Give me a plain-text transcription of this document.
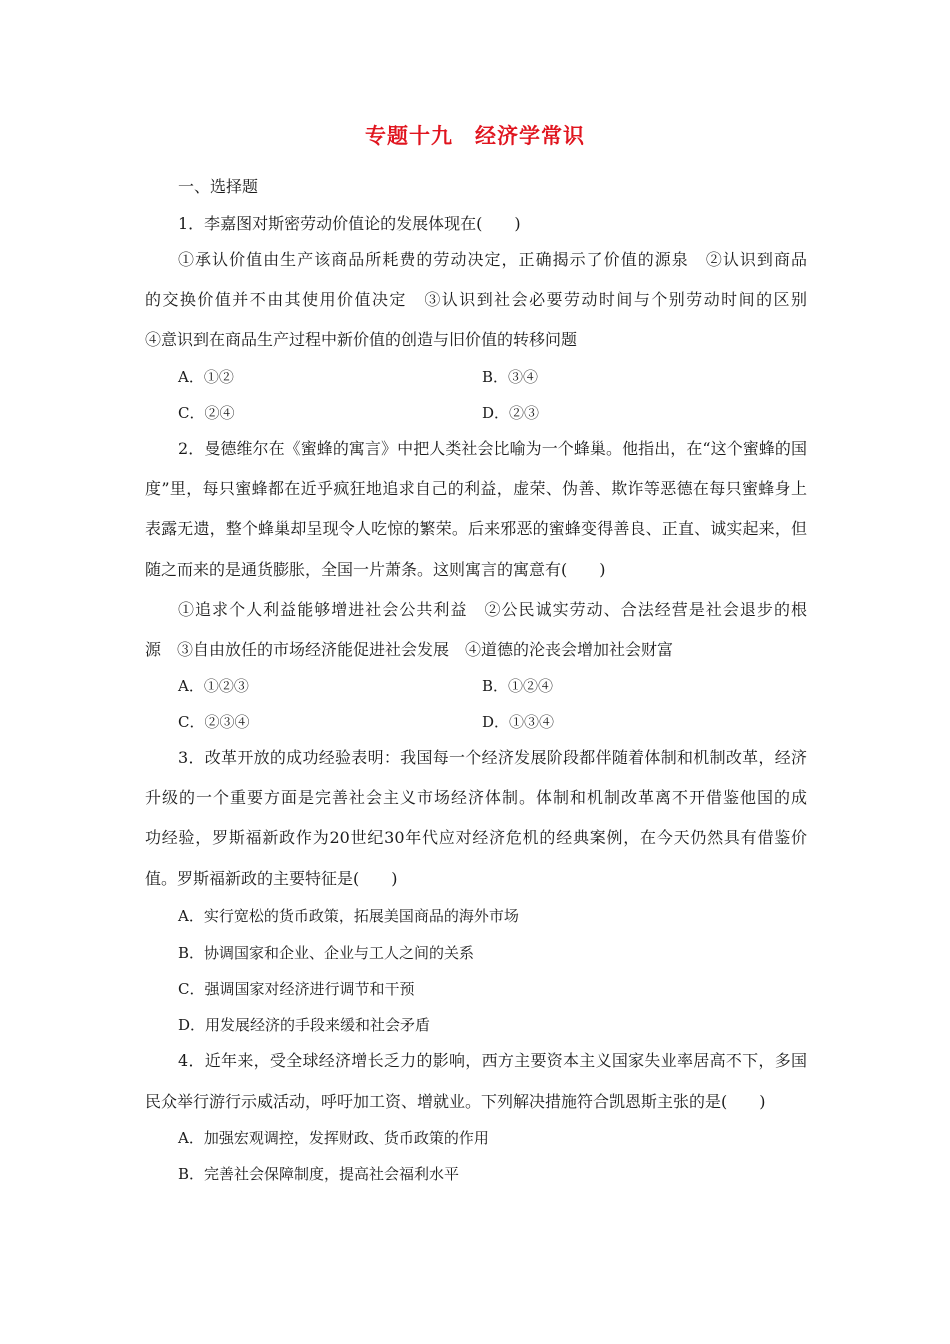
专题十九　经济学常识
一、选择题
1．李嘉图对斯密劳动价值论的发展体现在(　　)
①承认价值由生产该商品所耗费的劳动决定，正确揭示了价值的源泉　②认识到商品
的交换价值并不由其使用价值决定　③认识到社会必要劳动时间与个别劳动时间的区别
④意识到在商品生产过程中新价值的创造与旧价值的转移问题
A．①②	B．③④
C．②④	D．②③
2．曼德维尔在《蜜蜂的寓言》中把人类社会比喻为一个蜂巢。他指出，在“这个蜜蜂的国
度”里，每只蜜蜂都在近乎疯狂地追求自己的利益，虚荣、伪善、欺诈等恶德在每只蜜蜂身上
表露无遗，整个蜂巢却呈现令人吃惊的繁荣。后来邪恶的蜜蜂变得善良、正直、诚实起来，但
随之而来的是通货膨胀，全国一片萧条。这则寓言的寓意有(　　)
①追求个人利益能够增进社会公共利益　②公民诚实劳动、合法经营是社会退步的根
源　③自由放任的市场经济能促进社会发展　④道德的沦丧会增加社会财富
A．①②③	B．①②④
C．②③④	D．①③④
3．改革开放的成功经验表明：我国每一个经济发展阶段都伴随着体制和机制改革，经济
升级的一个重要方面是完善社会主义市场经济体制。体制和机制改革离不开借鉴他国的成
功经验，罗斯福新政作为20世纪30年代应对经济危机的经典案例，在今天仍然具有借鉴价
值。罗斯福新政的主要特征是(　　)
A．实行宽松的货币政策，拓展美国商品的海外市场
B．协调国家和企业、企业与工人之间的关系
C．强调国家对经济进行调节和干预
D．用发展经济的手段来缓和社会矛盾
4．近年来，受全球经济增长乏力的影响，西方主要资本主义国家失业率居高不下，多国
民众举行游行示威活动，呼吁加工资、增就业。下列解决措施符合凯恩斯主张的是(　　)
A．加强宏观调控，发挥财政、货币政策的作用
B．完善社会保障制度，提高社会福利水平
